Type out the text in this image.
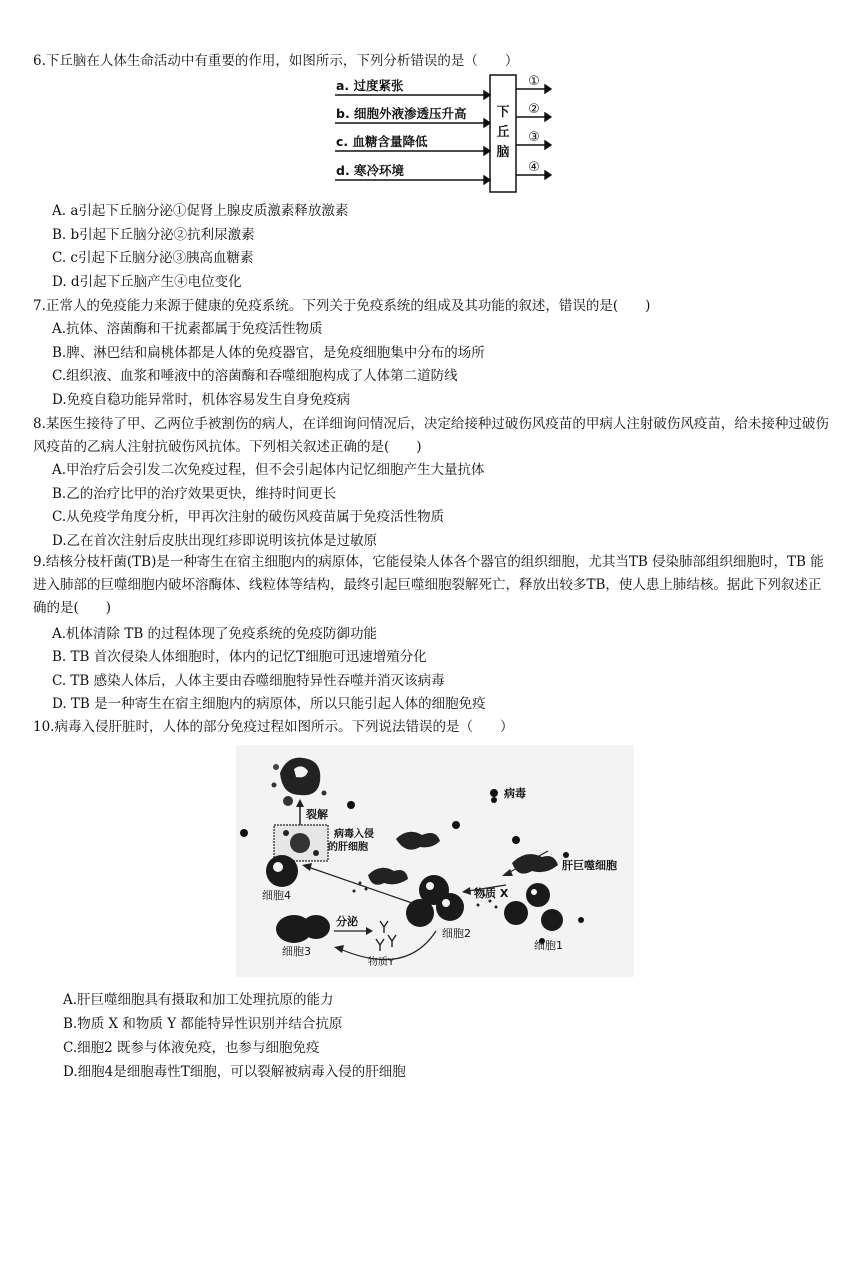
6.下丘脑在人体生命活动中有重要的作用，如图所示，下列分析错误的是（　　）
a. 过度紧张
b. 细胞外液渗透压升高
c. 血糖含量降低
d. 寒冷环境
下
丘
脑
①
②
③
④
A. a引起下丘脑分泌①促肾上腺皮质激素释放激素
B. b引起下丘脑分泌②抗利尿激素
C. c引起下丘脑分泌③胰高血糖素
D. d引起下丘脑产生④电位变化
7.正常人的免疫能力来源于健康的免疫系统。下列关于免疫系统的组成及其功能的叙述，错误的是(　　)
A.抗体、溶菌酶和干扰素都属于免疫活性物质
B.脾、淋巴结和扁桃体都是人体的免疫器官，是免疫细胞集中分布的场所
C.组织液、血浆和唾液中的溶菌酶和吞噬细胞构成了人体第二道防线
D.免疫自稳功能异常时，机体容易发生自身免疫病
8.某医生接待了甲、乙两位手被割伤的病人，在详细询问情况后，决定给接种过破伤风疫苗的甲病人注射破伤风疫苗，给未接种过破伤风疫苗的乙病人注射抗破伤风抗体。下列相关叙述正确的是(　　)
A.甲治疗后会引发二次免疫过程，但不会引起体内记忆细胞产生大量抗体
B.乙的治疗比甲的治疗效果更快，维持时间更长
C.从免疫学角度分析，甲再次注射的破伤风疫苗属于免疫活性物质
D.乙在首次注射后皮肤出现红疹即说明该抗体是过敏原
9.结核分枝杆菌(TB)是一种寄生在宿主细胞内的病原体，它能侵染人体各个器官的组织细胞，尤其当TB 侵染肺部组织细胞时，TB 能进入肺部的巨噬细胞内破坏溶酶体、线粒体等结构，最终引起巨噬细胞裂解死亡，释放出较多TB，使人患上肺结核。据此下列叙述正确的是(　　)
A.机体清除 TB 的过程体现了免疫系统的免疫防御功能
B. TB 首次侵染人体细胞时，体内的记忆T细胞可迅速增殖分化
C. TB 感染人体后，人体主要由吞噬细胞特异性吞噬并消灭该病毒
D. TB 是一种寄生在宿主细胞内的病原体，所以只能引起人体的细胞免疫
10.病毒入侵肝脏时，人体的部分免疫过程如图所示。下列说法错误的是（　　）
裂解
病毒入侵
的肝细胞
细胞4
病毒
肝巨噬细胞
细胞2
物质 X
细胞1
细胞3
分泌
物质Y
A.肝巨噬细胞具有摄取和加工处理抗原的能力
B.物质 X 和物质 Y 都能特异性识别并结合抗原
C.细胞2 既参与体液免疫，也参与细胞免疫
D.细胞4是细胞毒性T细胞，可以裂解被病毒入侵的肝细胞
